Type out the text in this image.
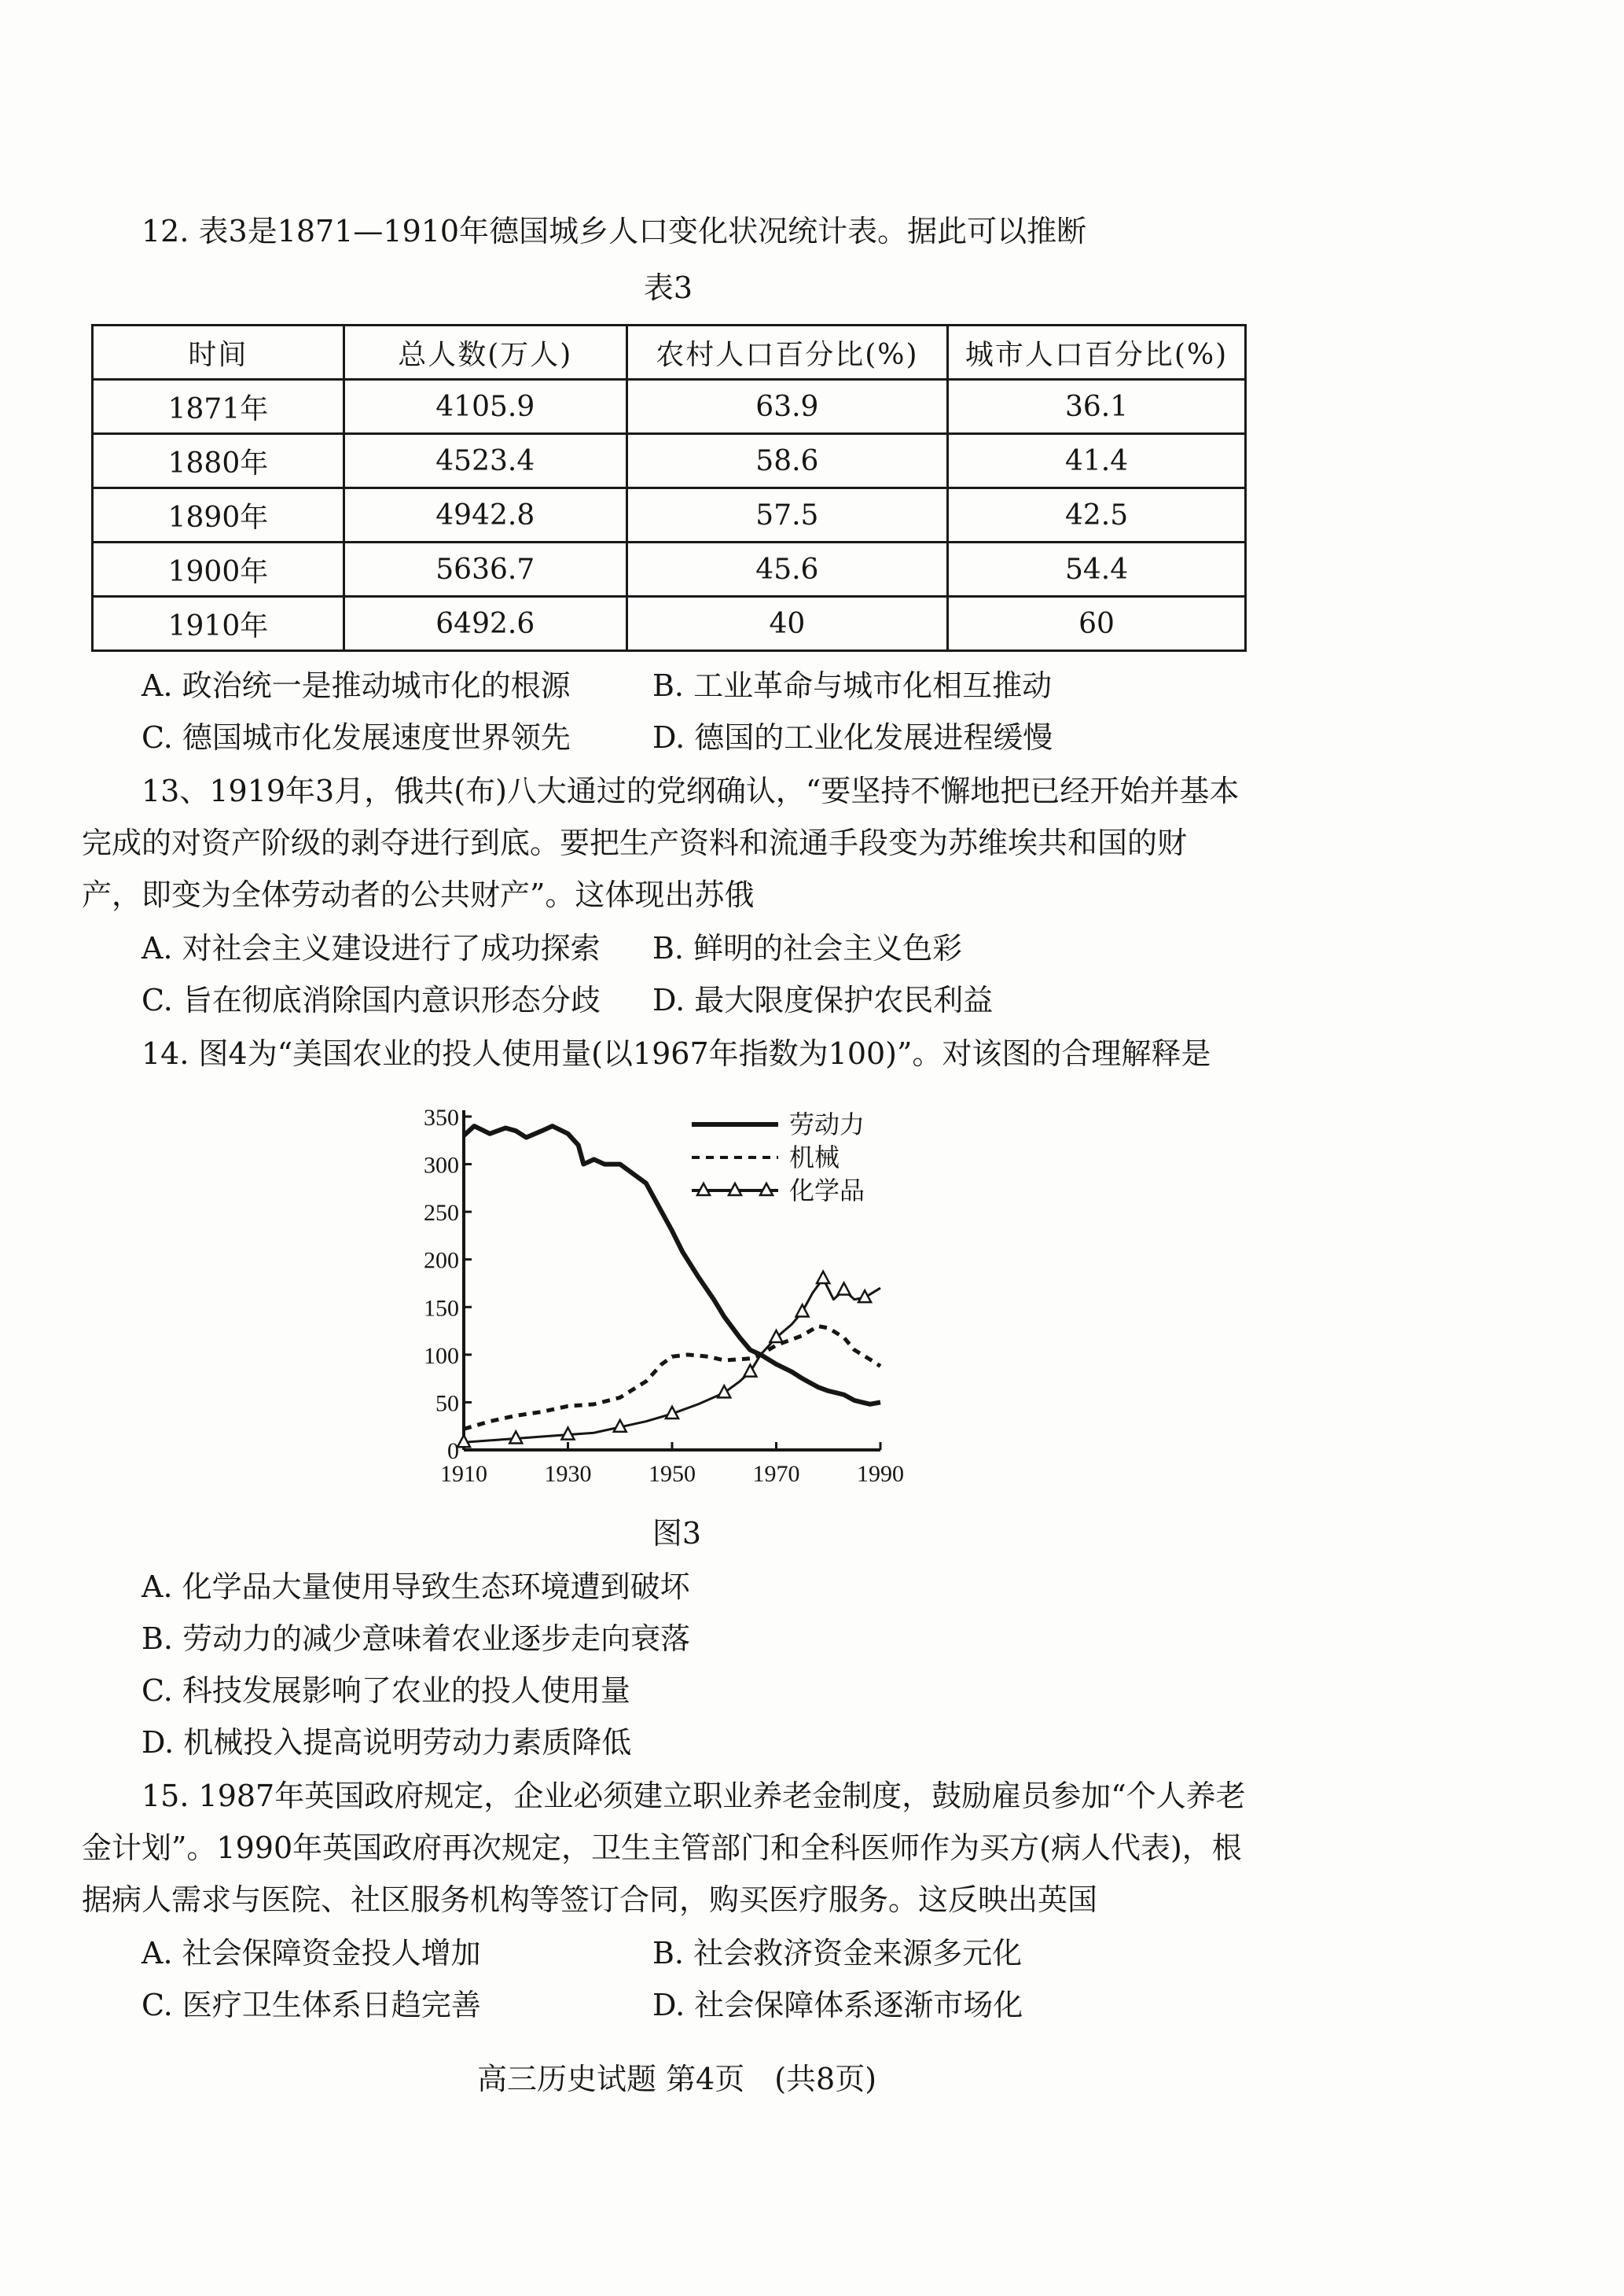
12. 表3是1871—1910年德国城乡人口变化状况统计表。据此可以推断
表3
时间	总人数(万人)	农村人口百分比(%)	城市人口百分比(%)
1871年	4105.9	63.9	36.1
1880年	4523.4	58.6	41.4
1890年	4942.8	57.5	42.5
1900年	5636.7	45.6	54.4
1910年	6492.6	40	60
A. 政治统一是推动城市化的根源	B. 工业革命与城市化相互推动
C. 德国城市化发展速度世界领先	D. 德国的工业化发展进程缓慢
13、1919年3月，俄共(布)八大通过的党纲确认，“要坚持不懈地把已经开始并基本
完成的对资产阶级的剥夺进行到底。要把生产资料和流通手段变为苏维埃共和国的财
产，即变为全体劳动者的公共财产”。这体现出苏俄
A. 对社会主义建设进行了成功探索 B. 鲜明的社会主义色彩
C. 旨在彻底消除国内意识形态分歧 D. 最大限度保护农民利益
14. 图4为“美国农业的投人使用量(以1967年指数为100)”。对该图的合理解释是
0
50
100
150
200
250
300
350
1910 1930 1950 1970 1990
劳动力
机械
化学品
图3
A. 化学品大量使用导致生态环境遭到破坏
B. 劳动力的减少意味着农业逐步走向衰落
C. 科技发展影响了农业的投人使用量
D. 机械投入提高说明劳动力素质降低
15. 1987年英国政府规定，企业必须建立职业养老金制度，鼓励雇员参加“个人养老
金计划”。1990年英国政府再次规定，卫生主管部门和全科医师作为买方(病人代表)，根
据病人需求与医院、社区服务机构等签订合同，购买医疗服务。这反映出英国
A. 社会保障资金投人增加	B. 社会救济资金来源多元化
C. 医疗卫生体系日趋完善	D. 社会保障体系逐渐市场化
高三历史试题 第4页　(共8页)
